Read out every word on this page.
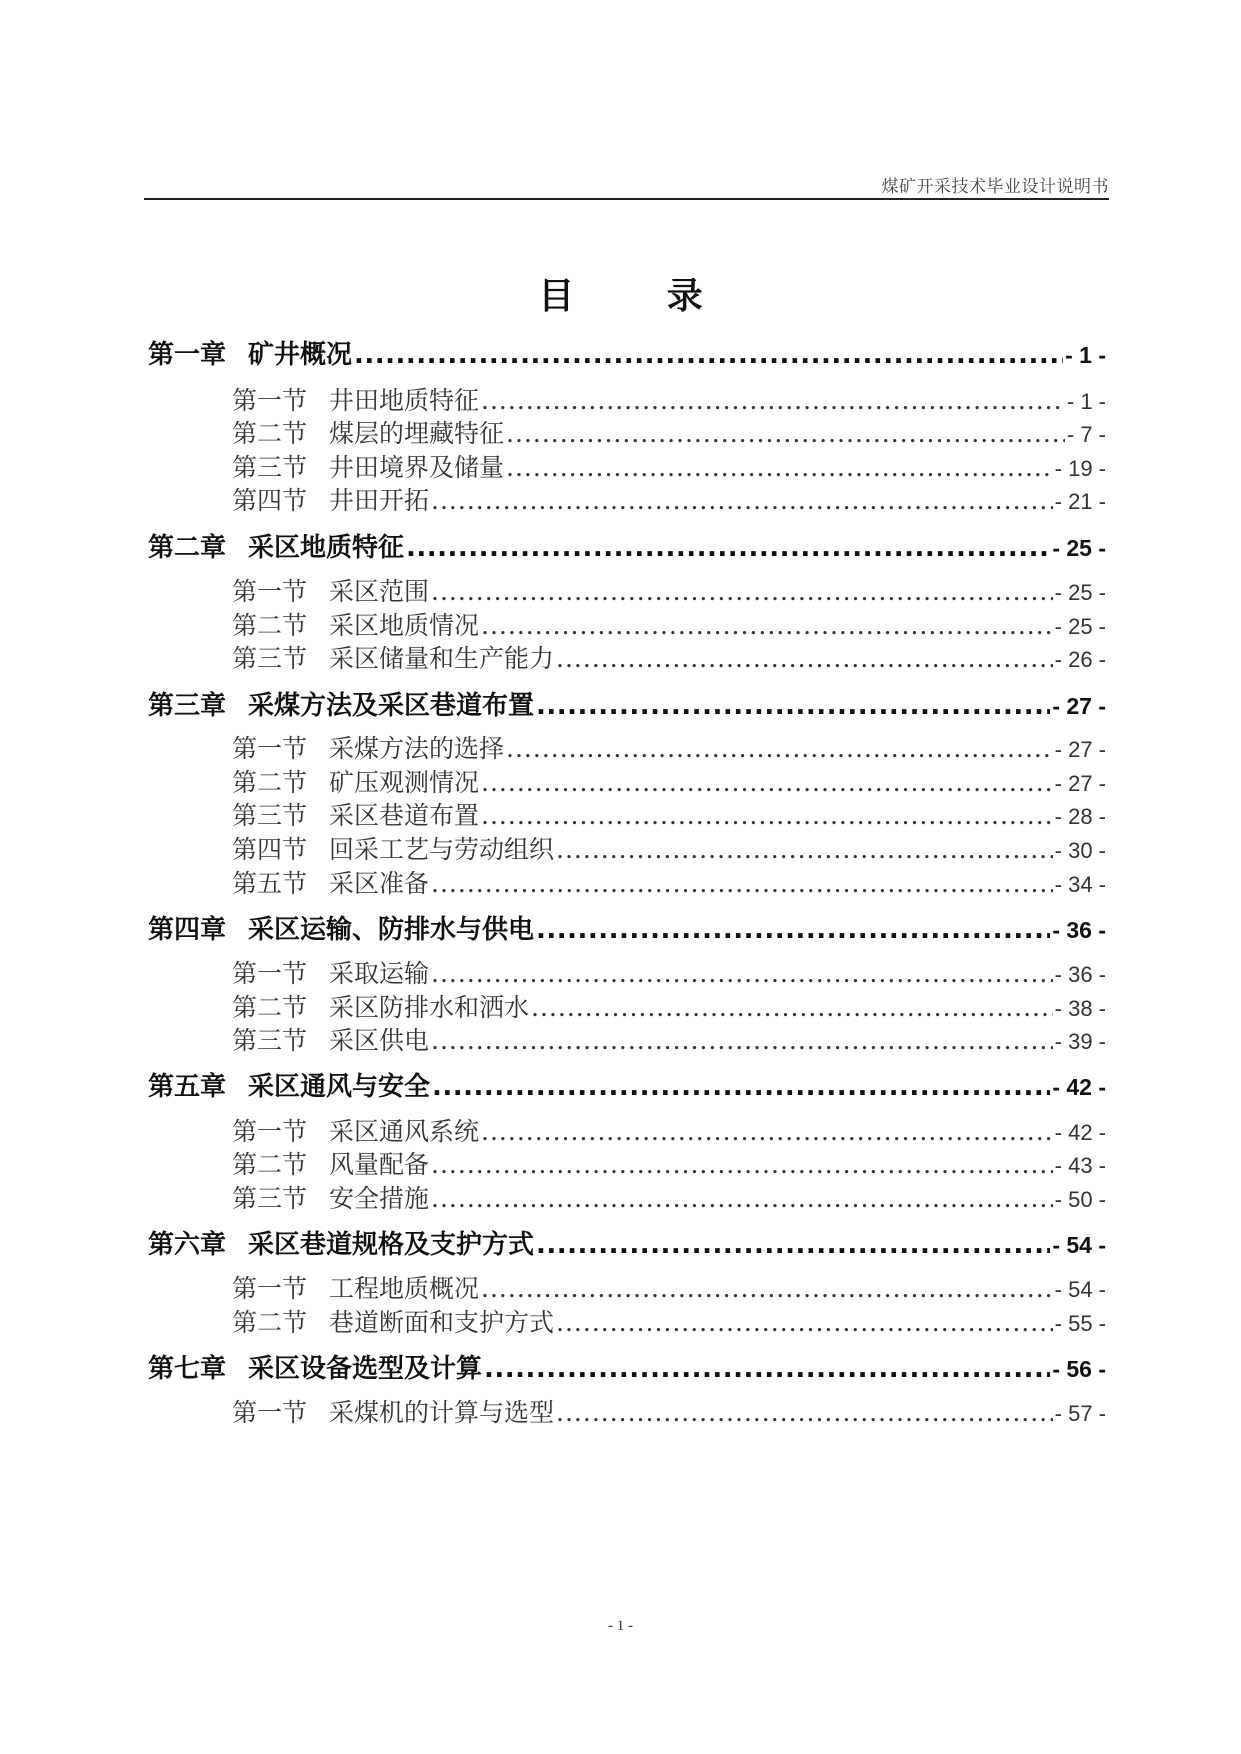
煤矿开采技术毕业设计说明书
目 录
第一章 矿井概况 .....	- 1 -
第一节 井田地质特征 .....	- 1 -
第二节 煤层的埋藏特征 .....	- 7 -
第三节 井田境界及储量 .....	- 19 -
第四节 井田开拓 .....	- 21 -
第二章 采区地质特征 .....	- 25 -
第一节 采区范围 .....	- 25 -
第二节 采区地质情况 .....	- 25 -
第三节 采区储量和生产能力 .....	- 26 -
第三章 采煤方法及采区巷道布置 .....	- 27 -
第一节 采煤方法的选择 .....	- 27 -
第二节 矿压观测情况 .....	- 27 -
第三节 采区巷道布置 .....	- 28 -
第四节 回采工艺与劳动组织 .....	- 30 -
第五节 采区准备 .....	- 34 -
第四章 采区运输、防排水与供电 .....	- 36 -
第一节 采取运输 .....	- 36 -
第二节 采区防排水和洒水 .....	- 38 -
第三节 采区供电 .....	- 39 -
第五章 采区通风与安全 .....	- 42 -
第一节 采区通风系统 .....	- 42 -
第二节 风量配备 .....	- 43 -
第三节 安全措施 .....	- 50 -
第六章 采区巷道规格及支护方式 .....	- 54 -
第一节 工程地质概况 .....	- 54 -
第二节 巷道断面和支护方式 .....	- 55 -
第七章 采区设备选型及计算 .....	- 56 -
第一节 采煤机的计算与选型 .....	- 57 -
- 1 -
